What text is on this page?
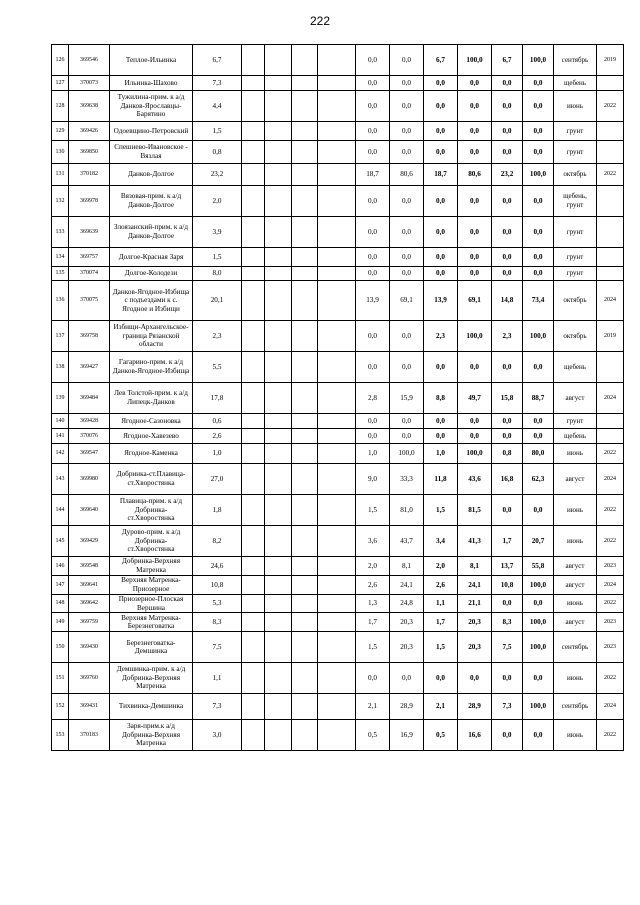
222
126	369546	Теплое-Ильинка	6,7					0,0	0,0	6,7	100,0	6,7	100,0	сентябрь	2019
127	370073	Ильинка-Шахово	7,3					0,0	0,0	0,0	0,0	0,0	0,0	щебень	
128	369638	Тужилина-прим. к а/д Данков-Ярославцы-Барятино	4,4					0,0	0,0	0,0	0,0	0,0	0,0	июнь	2022
129	369426	Одоевщино-Петровский	1,5					0,0	0,0	0,0	0,0	0,0	0,0	грунт	
130	369850	Спешнево-Ивановское - Вязлая	0,8					0,0	0,0	0,0	0,0	0,0	0,0	грунт	
131	370182	Данков-Долгое	23,2					18,7	80,6	18,7	80,6	23,2	100,0	октябрь	2022
132	369978	Вязовая-прим. к а/д Данков-Долгое	2,0					0,0	0,0	0,0	0,0	0,0	0,0	щебень, грунт	
133	369639	Злоязанский-прим. к а/д Данков-Долгое	3,9					0,0	0,0	0,0	0,0	0,0	0,0	грунт	
134	369757	Долгое-Красная Заря	1,5					0,0	0,0	0,0	0,0	0,0	0,0	грунт	
135	370074	Долгое-Колодези	8,0					0,0	0,0	0,0	0,0	0,0	0,0	грунт	
136	370075	Данков-Ягодное-Избища с подъездами к с. Ягодное и Избищи	20,1					13,9	69,1	13,9	69,1	14,8	73,4	октябрь	2024
137	369758	Избищи-Архангельское-граница Рязанской области	2,3					0,0	0,0	2,3	100,0	2,3	100,0	октябрь	2019
138	369427	Гагарино-прим. к а/д Данков-Ягодное-Избища	5,5					0,0	0,0	0,0	0,0	0,0	0,0	щебень	
139	369484	Лев Толстой-прим. к а/д Липецк-Данков	17,8					2,8	15,9	8,8	49,7	15,8	88,7	август	2024
140	369428	Ягодное-Сазоновка	0,6					0,0	0,0	0,0	0,0	0,0	0,0	грунт	
141	370076	Ягодное-Хавезево	2,6					0,0	0,0	0,0	0,0	0,0	0,0	щебень	
142	369547	Ягодное-Каменка	1,0					1,0	100,0	1,0	100,0	0,8	80,0	июнь	2022
143	369980	Добринка-ст.Плавица-ст.Хворостянка	27,0					9,0	33,3	11,8	43,6	16,8	62,3	август	2024
144	369640	Плавица-прим. к а/д Добринка-ст.Хворостянка	1,8					1,5	81,0	1,5	81,5	0,0	0,0	июнь	2022
145	369429	Дурово-прим. к а/д Добринка-ст.Хворостянка	8,2					3,6	43,7	3,4	41,3	1,7	20,7	июнь	2022
146	369548	Добринка-Верхняя Матренка	24,6					2,0	8,1	2,0	8,1	13,7	55,8	август	2023
147	369641	Верхняя Матренка-Приозерное	10,8					2,6	24,1	2,6	24,1	10,8	100,0	август	2024
148	369642	Приозерное-Плоская Вершина	5,3					1,3	24,8	1,1	21,1	0,0	0,0	июнь	2022
149	369759	Верхняя Матренка-Березнеговатка	8,3					1,7	20,3	1,7	20,3	8,3	100,0	август	2023
150	369430	Березнеговатка-Демшинка	7,5					1,5	20,3	1,5	20,3	7,5	100,0	сентябрь	2023
151	369760	Демшинка-прим. к а/д Добринка-Верхняя Матренка	1,1					0,0	0,0	0,0	0,0	0,0	0,0	июнь	2022
152	369431	Тихвинка-Демшинка	7,3					2,1	28,9	2,1	28,9	7,3	100,0	сентябрь	2024
153	370183	Заря-прим.к а/д Добринка-Верхняя Матренка	3,0					0,5	16,9	0,5	16,6	0,0	0,0	июнь	2022
